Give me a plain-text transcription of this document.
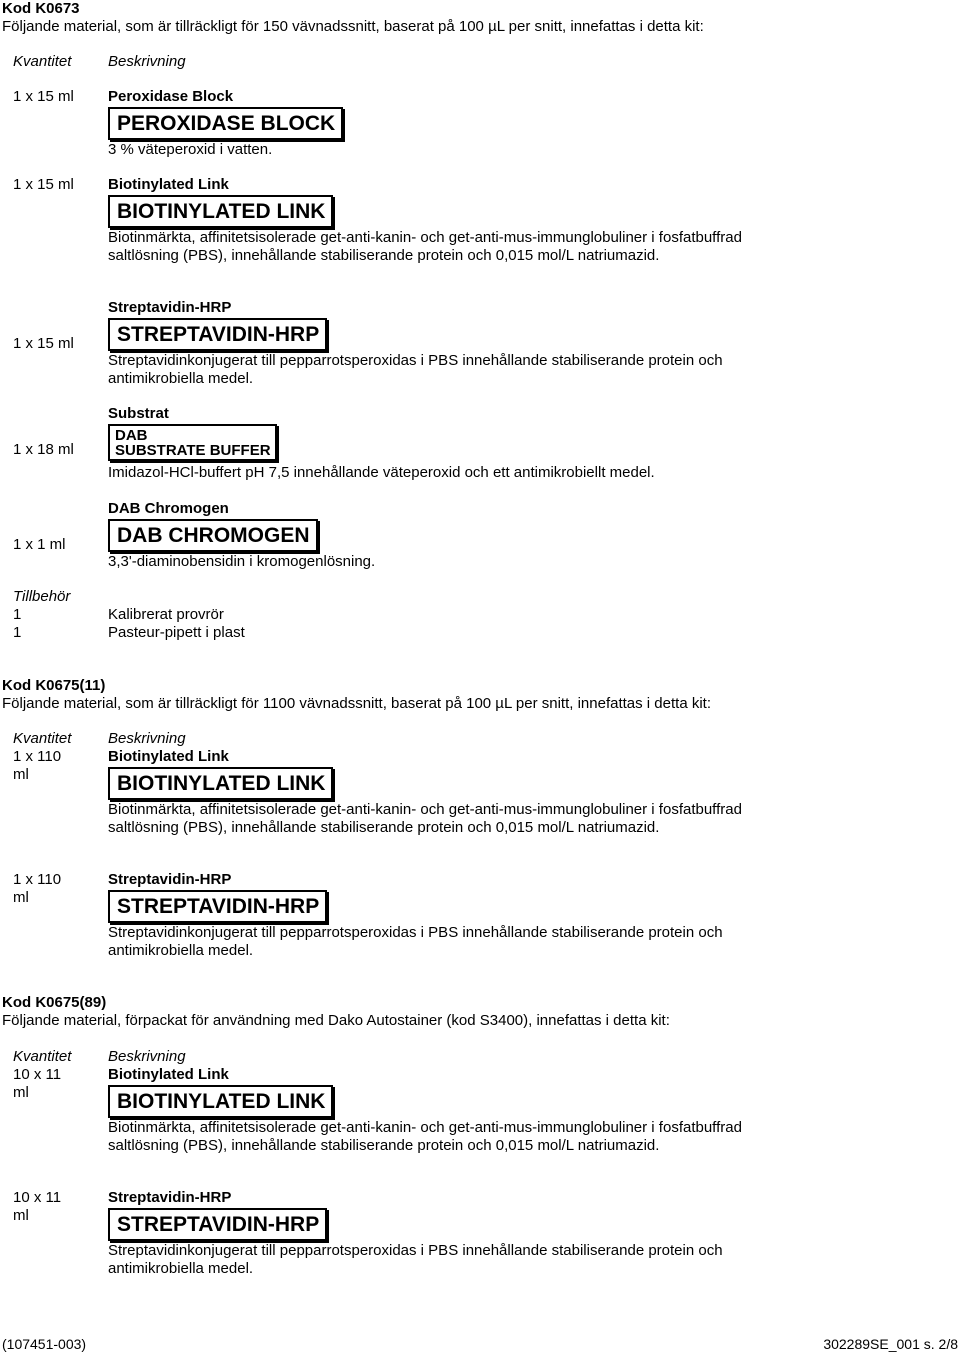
Kod K0673
Följande material, som är tillräckligt för 150 vävnadssnitt, baserat på 100 µL per snitt, innefattas i detta kit:
Kvantitet Beskrivning
1 x 15 ml Peroxidase Block
PEROXIDASE BLOCK
3 % väteperoxid i vatten.
1 x 15 ml Biotinylated Link
BIOTINYLATED LINK
Biotinmärkta, affinitetsisolerade get-anti-kanin- och get-anti-mus-immunglobuliner i fosfatbuffrad saltlösning (PBS), innehållande stabiliserande protein och 0,015 mol/L natriumazid.
Streptavidin-HRP
1 x 15 ml	STREPTAVIDIN-HRP
Streptavidinkonjugerat till pepparrotsperoxidas i PBS innehållande stabiliserande protein och antimikrobiella medel.
Substrat
1 x 18 ml
DAB
SUBSTRATE BUFFER
Imidazol-HCl-buffert pH 7,5 innehållande väteperoxid och ett antimikrobiellt medel.
DAB Chromogen
1 x 1 ml	DAB CHROMOGEN
3,3'-diaminobensidin i kromogenlösning.
Tillbehör
1	Kalibrerat provrör
1	Pasteur-pipett i plast
Kod K0675(11)
Följande material, som är tillräckligt för 1100 vävnadssnitt, baserat på 100 µL per snitt, innefattas i detta kit:
Kvantitet Beskrivning
1 x 110 ml
Biotinylated Link
BIOTINYLATED LINK
Biotinmärkta, affinitetsisolerade get-anti-kanin- och get-anti-mus-immunglobuliner i fosfatbuffrad saltlösning (PBS), innehållande stabiliserande protein och 0,015 mol/L natriumazid.
1 x 110 ml
Streptavidin-HRP
STREPTAVIDIN-HRP
Streptavidinkonjugerat till pepparrotsperoxidas i PBS innehållande stabiliserande protein och antimikrobiella medel.
Kod K0675(89)
Följande material, förpackat för användning med Dako Autostainer (kod S3400), innefattas i detta kit:
Kvantitet Beskrivning
10 x 11 ml
Biotinylated Link
BIOTINYLATED LINK
Biotinmärkta, affinitetsisolerade get-anti-kanin- och get-anti-mus-immunglobuliner i fosfatbuffrad saltlösning (PBS), innehållande stabiliserande protein och 0,015 mol/L natriumazid.
10 x 11 ml
Streptavidin-HRP
STREPTAVIDIN-HRP
Streptavidinkonjugerat till pepparrotsperoxidas i PBS innehållande stabiliserande protein och antimikrobiella medel.
(107451-003)	302289SE_001 s. 2/8
